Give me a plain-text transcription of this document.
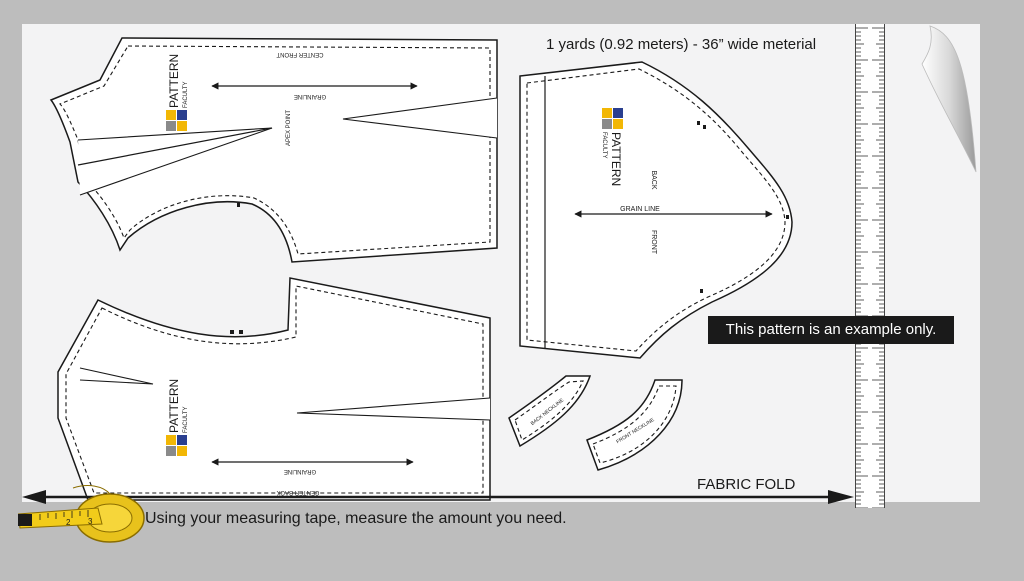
CENTER FRONT
GRAINLINE
APEX POINT
GRAINLINE
CENTER BACK
GRAIN LINE
BACK
FRONT
BACK NECKLINE
FRONT NECKLINE
PATTERN FACULTY
PATTERN FACULTY
PATTERN
FACULTY
1 yards (0.92 meters) - 36” wide meterial
This pattern is an example only.
FABRIC FOLD
Using your measuring tape, measure the amount you need.
2 3
